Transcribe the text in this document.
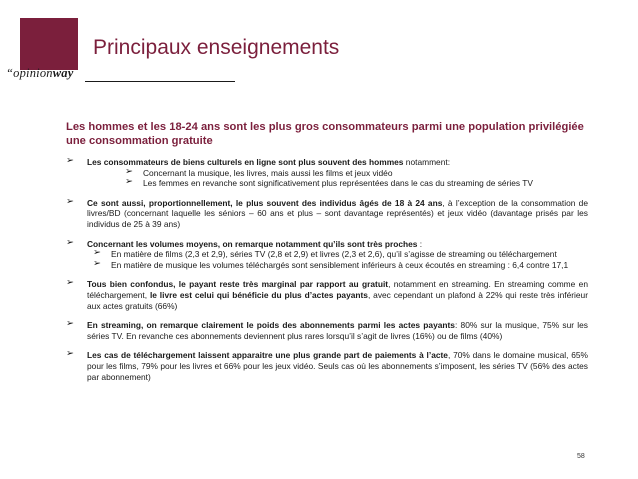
“opinionway
Principaux enseignements
Les hommes et les 18-24 ans sont les plus gros consommateurs parmi une population privilégiée une consommation gratuite
➢ Les consommateurs de biens culturels en ligne sont plus souvent des hommes notamment:
➢ Concernant la musique, les livres, mais aussi les films et jeux vidéo
➢ Les femmes en revanche sont significativement plus représentées dans le cas du streaming de séries TV
➢ Ce sont aussi, proportionnellement, le plus souvent des individus âgés de 18 à 24 ans, à l’exception de la consommation de livres/BD (concernant laquelle les séniors – 60 ans et plus – sont davantage représentés) et jeux vidéo (davantage prisés par les individus de 25 à 39 ans)
➢ Concernant les volumes moyens, on remarque notamment qu’ils sont très proches :
➢ En matière de films (2,3 et 2,9), séries TV (2,8 et 2,9) et livres (2,3 et 2,6), qu’il s’agisse de streaming ou téléchargement
➢ En matière de musique les volumes téléchargés sont sensiblement inférieurs à ceux écoutés en streaming : 6,4 contre 17,1
➢ Tous bien confondus, le payant reste très marginal par rapport au gratuit, notamment en streaming. En streaming comme en téléchargement, le livre est celui qui bénéficie du plus d’actes payants, avec cependant un plafond à 22% qui reste très inférieur aux actes gratuits (66%)
➢ En streaming, on remarque clairement le poids des abonnements parmi les actes payants: 80% sur la musique, 75% sur les séries TV. En revanche ces abonnements deviennent plus rares lorsqu’il s’agit de livres (16%) ou de films (40%)
➢ Les cas de téléchargement laissent apparaitre une plus grande part de paiements à l’acte, 70% dans le domaine musical, 65% pour les films, 79% pour les livres et 66% pour les jeux vidéo. Seuls cas où les abonnements s’imposent, les séries TV (56% des actes par abonnement)
58
